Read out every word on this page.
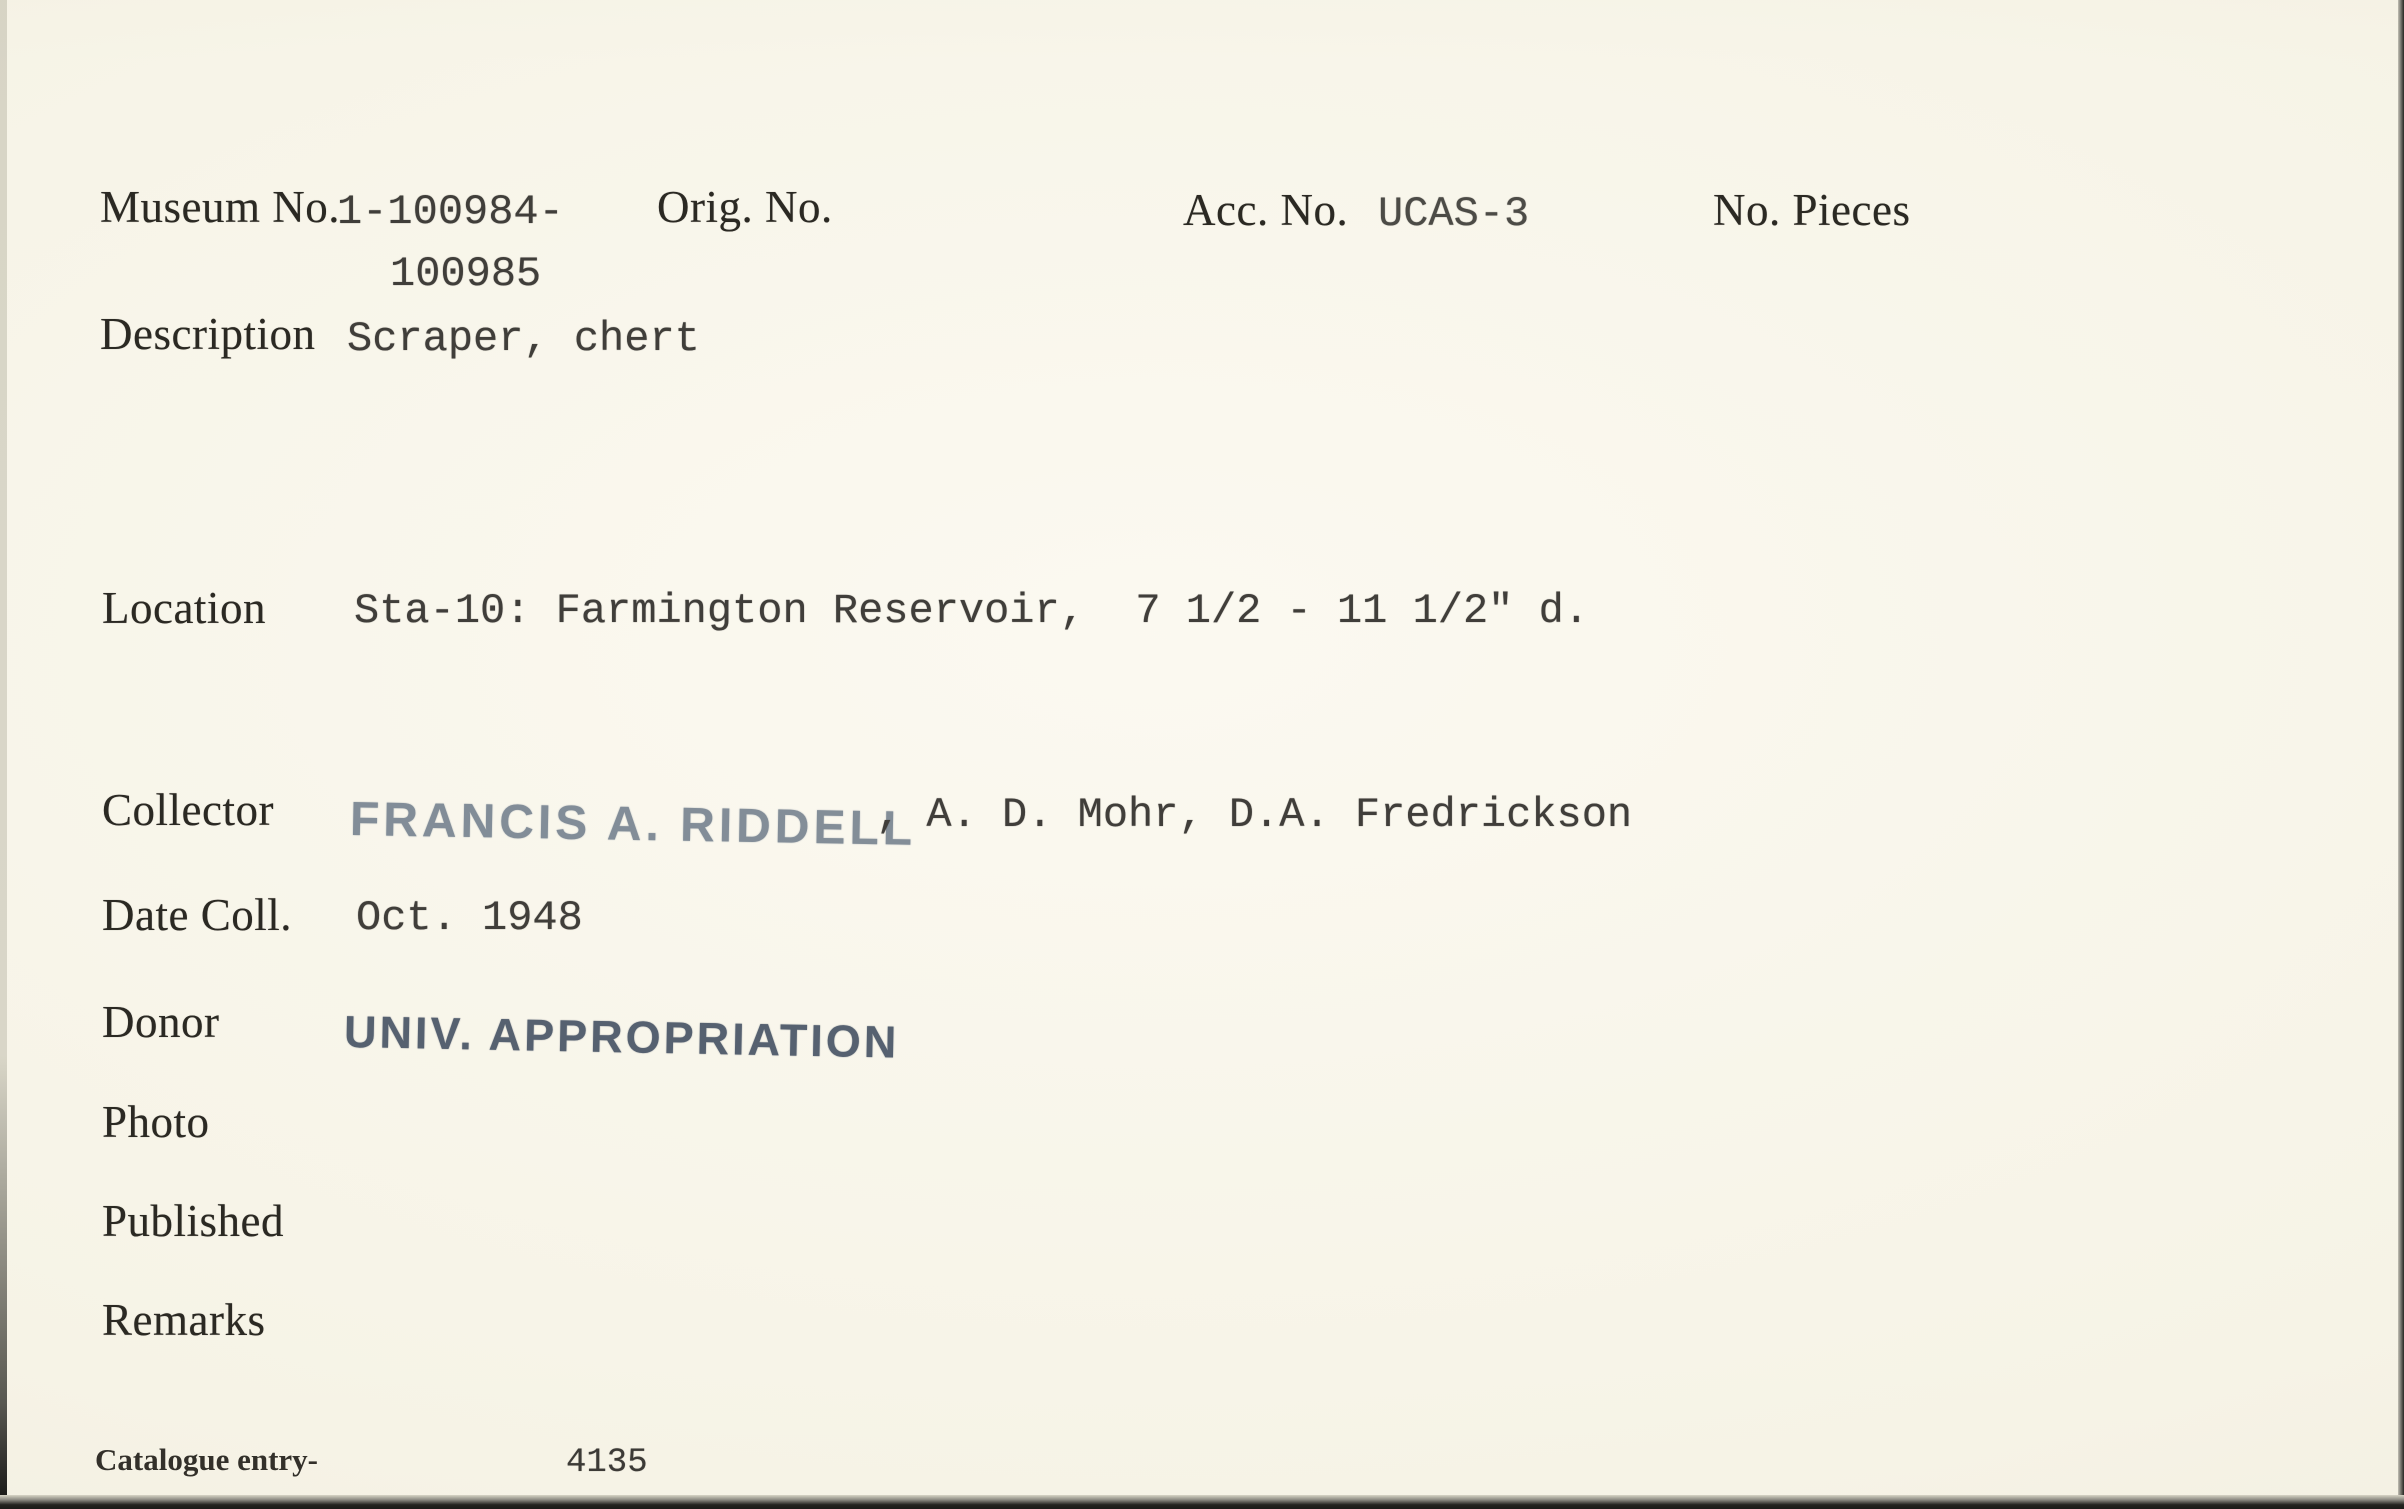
Museum No.
1-100984-
100985
Orig. No.	Acc. No. UCAS-3	No. Pieces
Description Scraper, chert
Location Sta-10: Farmington Reservoir,  7 1/2 - 11 1/2" d.
Collector FRANCIS A. RIDDELL
, A. D. Mohr, D.A. Fredrickson
Date Coll. Oct. 1948
Donor	UNIV. APPROPRIATION
Photo
Published
Remarks
Catalogue entry-	4135
